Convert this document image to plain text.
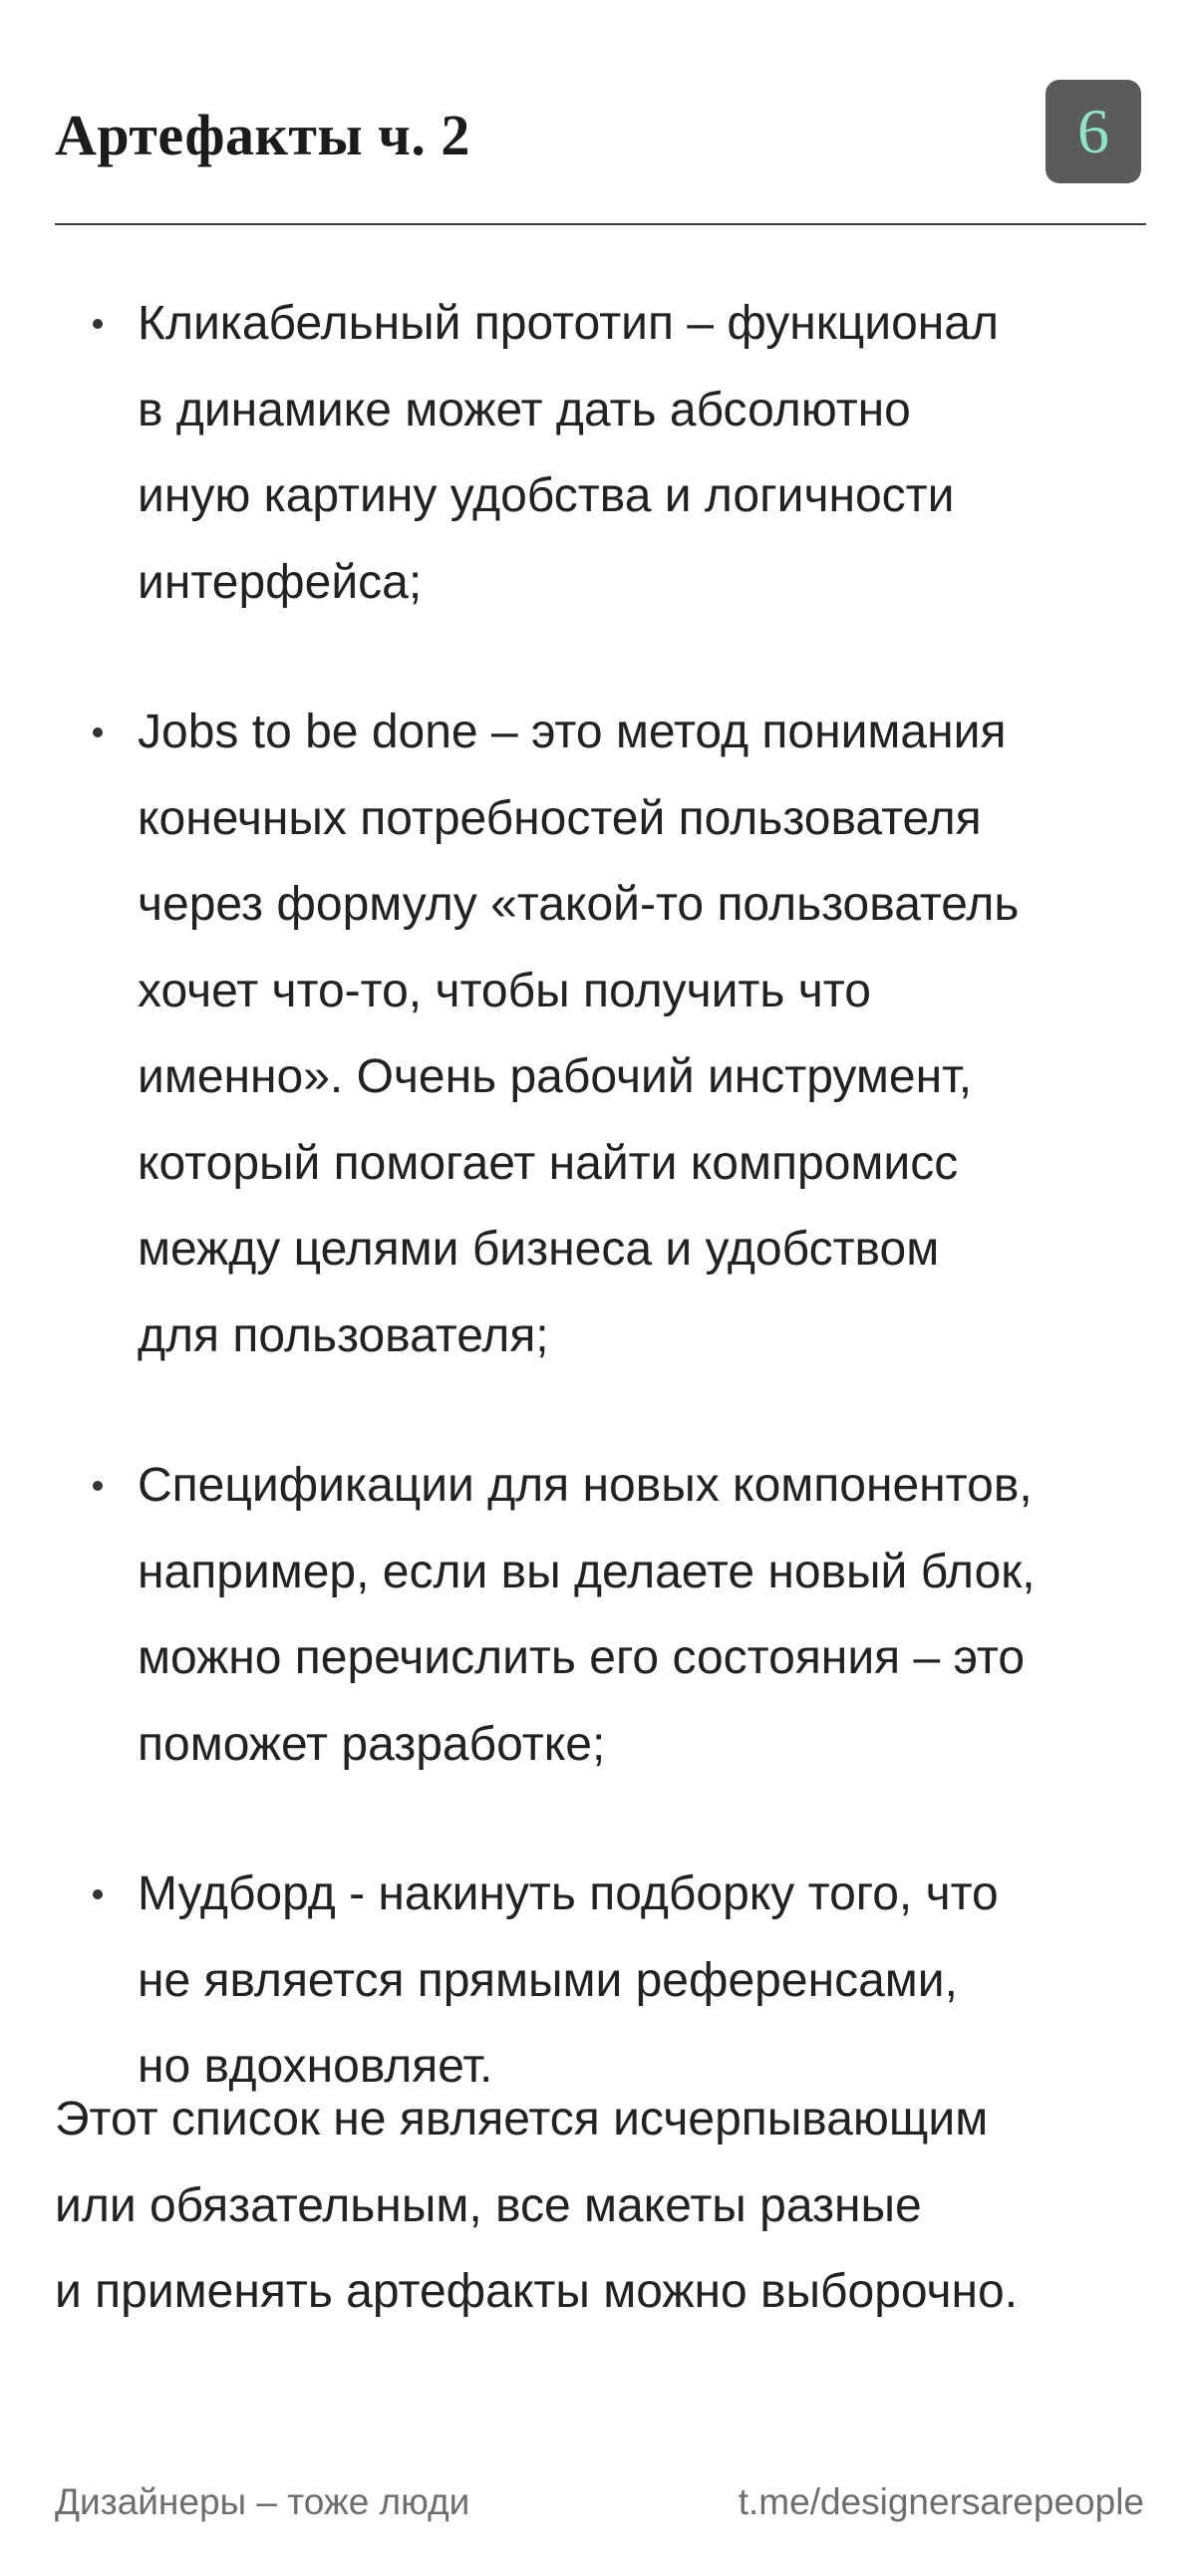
Артефакты ч. 2	6
Кликабельный прототип – функционал
в динамике может дать абсолютно
иную картину удобства и логичности
интерфейса;
Jobs to be done – это метод понимания
конечных потребностей пользователя
через формулу «такой-то пользователь
хочет что-то, чтобы получить что
именно». Очень рабочий инструмент,
который помогает найти компромисс
между целями бизнеса и удобством
для пользователя;
Спецификации для новых компонентов,
например, если вы делаете новый блок,
можно перечислить его состояния – это
поможет разработке;
Мудборд - накинуть подборку того, что
не является прямыми референсами,
но вдохновляет.
Этот список не является исчерпывающим
или обязательным, все макеты разные
и применять артефакты можно выборочно.
Дизайнеры – тоже люди	t.me/designersarepeople
